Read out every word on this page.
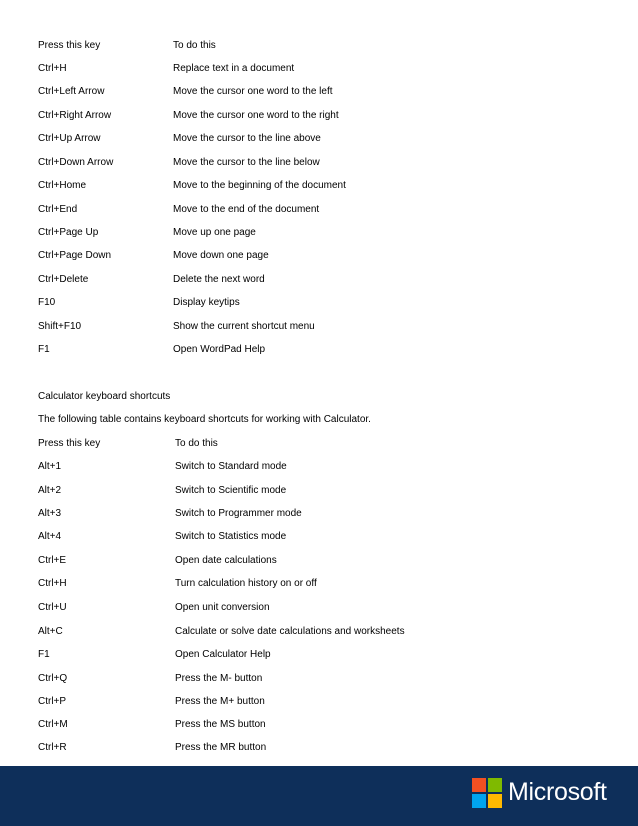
Press this key	To do this
Ctrl+H	Replace text in a document
Ctrl+Left Arrow	Move the cursor one word to the left
Ctrl+Right Arrow	Move the cursor one word to the right
Ctrl+Up Arrow	Move the cursor to the line above
Ctrl+Down Arrow	Move the cursor to the line below
Ctrl+Home	Move to the beginning of the document
Ctrl+End	Move to the end of the document
Ctrl+Page Up	Move up one page
Ctrl+Page Down	Move down one page
Ctrl+Delete	Delete the next word
F10	Display keytips
Shift+F10	Show the current shortcut menu
F1	Open WordPad Help
Calculator keyboard shortcuts
The following table contains keyboard shortcuts for working with Calculator.
Press this key	To do this
Alt+1	Switch to Standard mode
Alt+2	Switch to Scientific mode
Alt+3	Switch to Programmer mode
Alt+4	Switch to Statistics mode
Ctrl+E	Open date calculations
Ctrl+H	Turn calculation history on or off
Ctrl+U	Open unit conversion
Alt+C	Calculate or solve date calculations and worksheets
F1	Open Calculator Help
Ctrl+Q	Press the M- button
Ctrl+P	Press the M+ button
Ctrl+M	Press the MS button
Ctrl+R	Press the MR button
Microsoft
